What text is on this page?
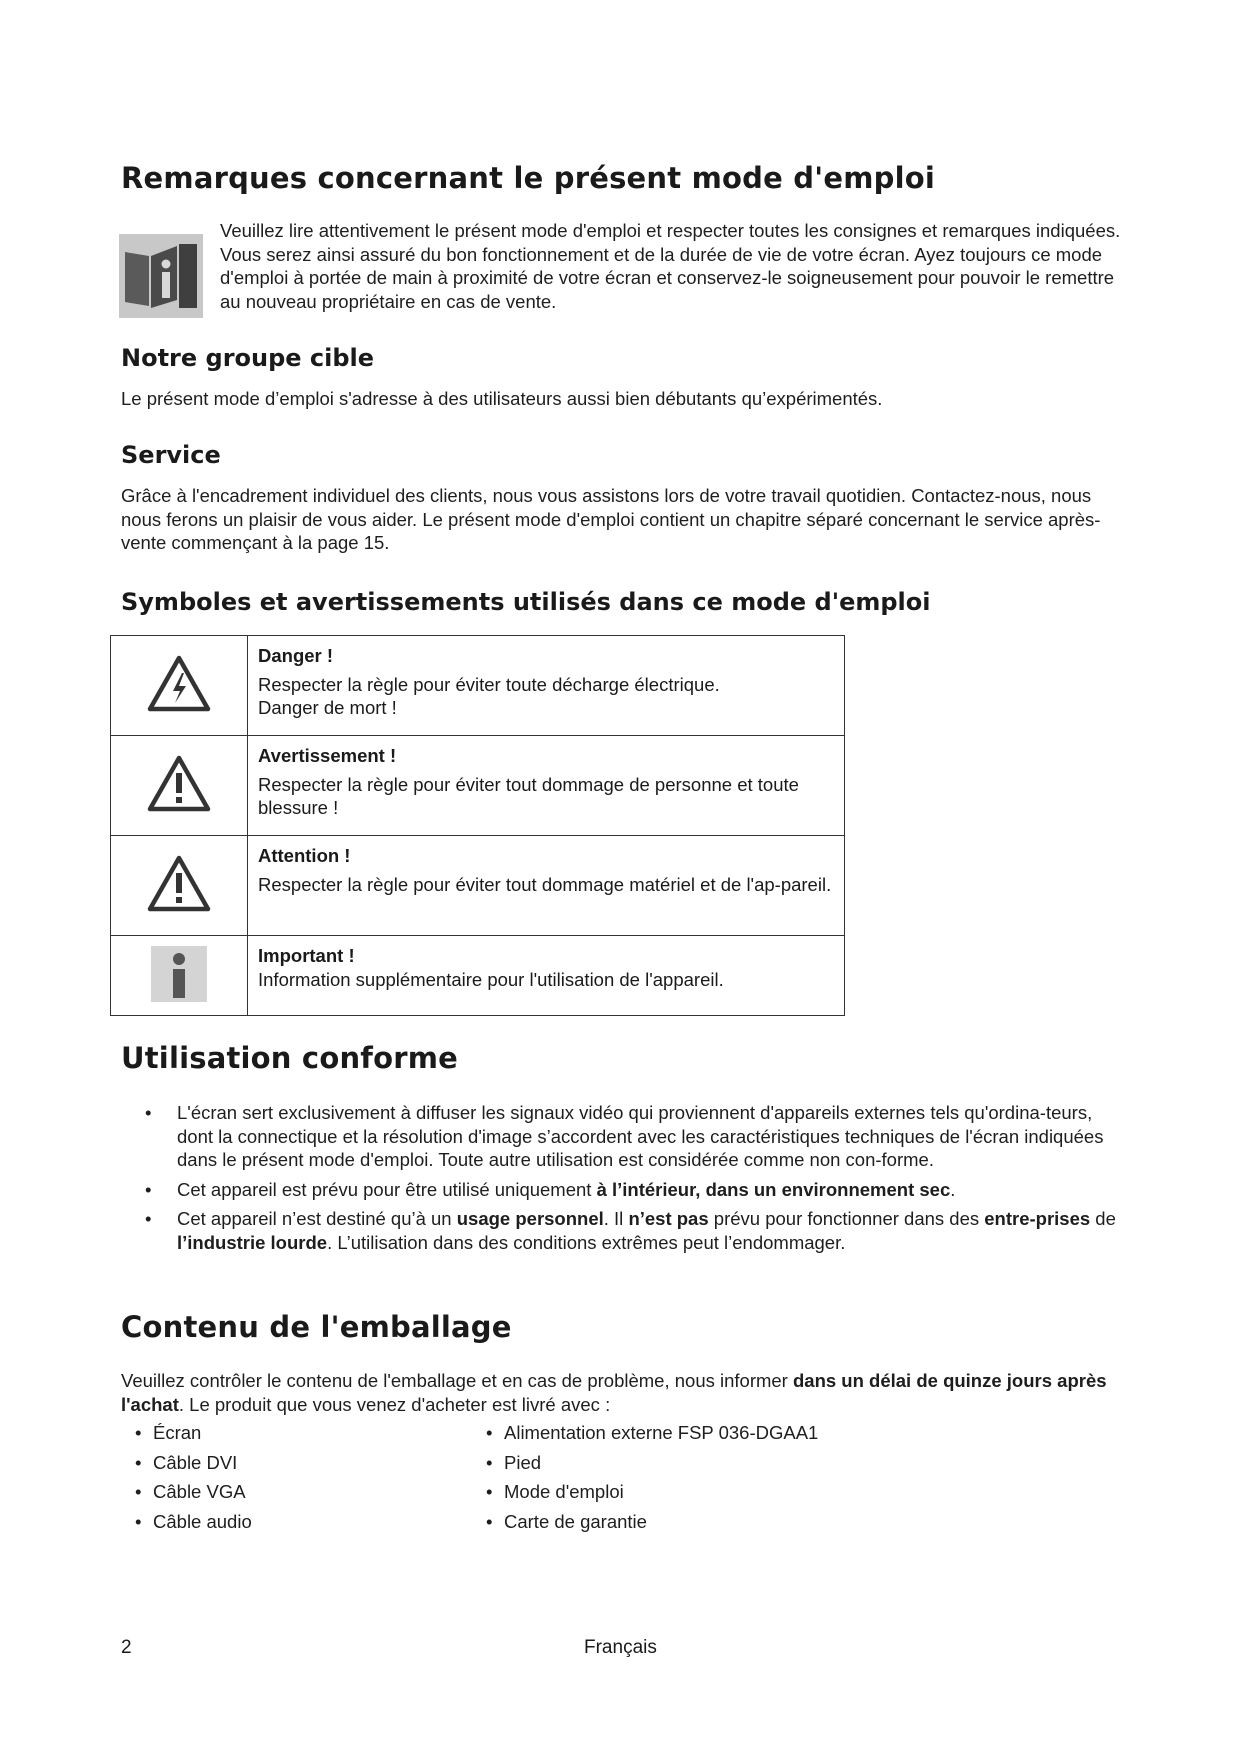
Remarques concernant le présent mode d'emploi

Veuillez lire attentivement le présent mode d'emploi et respecter toutes les consignes et remarques indiquées. Vous serez ainsi assuré du bon fonctionnement et de la durée de vie de votre écran. Ayez toujours ce mode d'emploi à portée de main à proximité de votre écran et conservez-le soigneusement pour pouvoir le remettre au nouveau propriétaire en cas de vente.

Notre groupe cible

Le présent mode d’emploi s'adresse à des utilisateurs aussi bien débutants qu’expérimentés.

Service

Grâce à l'encadrement individuel des clients, nous vous assistons lors de votre travail quotidien. Contactez-nous, nous nous ferons un plaisir de vous aider. Le présent mode d'emploi contient un chapitre séparé concernant le service après-vente commençant à la page 15.

Symboles et avertissements utilisés dans ce mode d'emploi

Danger !
Respecter la règle pour éviter toute décharge électrique. Danger de mort !

Avertissement !
Respecter la règle pour éviter tout dommage de personne et toute blessure !

Attention !
Respecter la règle pour éviter tout dommage matériel et de l'ap-pareil.

Important !
Information supplémentaire pour l'utilisation de l'appareil.
Utilisation conforme
• L'écran sert exclusivement à diffuser les signaux vidéo qui proviennent d'appareils externes tels qu'ordina-teurs, dont la connectique et la résolution d'image s’accordent avec les caractéristiques techniques de l'écran indiquées dans le présent mode d'emploi. Toute autre utilisation est considérée comme non con-forme.
• Cet appareil est prévu pour être utilisé uniquement à l’intérieur, dans un environnement sec.
• Cet appareil n’est destiné qu’à un usage personnel. Il n’est pas prévu pour fonctionner dans des entre-prises de l’industrie lourde. L’utilisation dans des conditions extrêmes peut l’endommager.
Contenu de l'emballage

Veuillez contrôler le contenu de l'emballage et en cas de problème, nous informer dans un délai de quinze jours après l'achat. Le produit que vous venez d'acheter est livré avec :

• Écran
• Câble DVI
• Câble VGA
• Câble audio
• Alimentation externe FSP 036-DGAA1
• Pied
• Mode d'emploi
• Carte de garantie
2	Français
